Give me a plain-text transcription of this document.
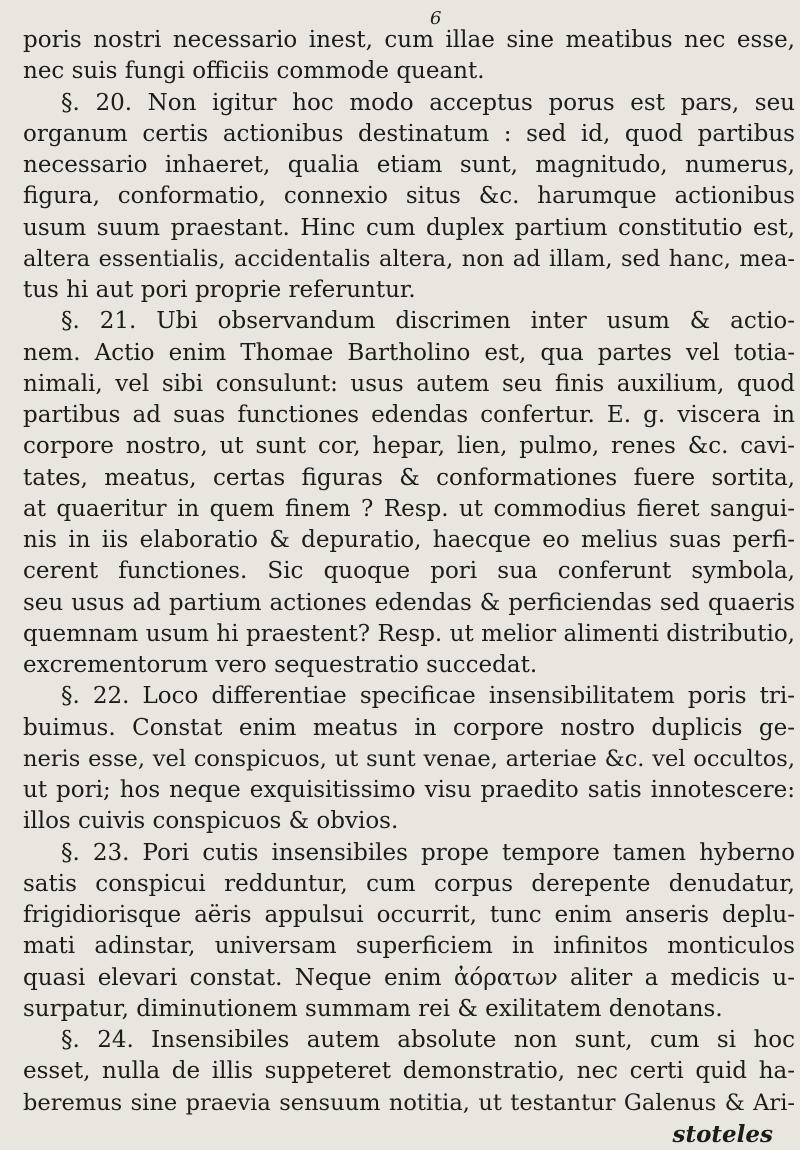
6
poris nostri necessario inest, cum illae sine meatibus nec esse,
nec suis fungi officiis commode queant.
§. 20. Non igitur hoc modo acceptus porus est pars, seu
organum certis actionibus destinatum : sed id, quod partibus
necessario inhaeret, qualia etiam sunt, magnitudo, numerus,
figura, conformatio, connexio situs &c. harumque actionibus
usum suum praestant. Hinc cum duplex partium constitutio est,
altera essentialis, accidentalis altera, non ad illam, sed hanc, mea-
tus hi aut pori proprie referuntur.
§. 21. Ubi observandum discrimen inter usum & actio-
nem. Actio enim Thomae Bartholino est, qua partes vel totia-
nimali, vel sibi consulunt: usus autem seu finis auxilium, quod
partibus ad suas functiones edendas confertur. E. g. viscera in
corpore nostro, ut sunt cor, hepar, lien, pulmo, renes &c. cavi-
tates, meatus, certas figuras & conformationes fuere sortita,
at quaeritur in quem finem ? Resp. ut commodius fieret sangui-
nis in iis elaboratio & depuratio, haecque eo melius suas perfi-
cerent functiones. Sic quoque pori sua conferunt symbola,
seu usus ad partium actiones edendas & perficiendas sed quaeris
quemnam usum hi praestent? Resp. ut melior alimenti distributio,
excrementorum vero sequestratio succedat.
§. 22. Loco differentiae specificae insensibilitatem poris tri-
buimus. Constat enim meatus in corpore nostro duplicis ge-
neris esse, vel conspicuos, ut sunt venae, arteriae &c. vel occultos,
ut pori; hos neque exquisitissimo visu praedito satis innotescere:
illos cuivis conspicuos & obvios.
§. 23. Pori cutis insensibiles prope tempore tamen hyberno
satis conspicui redduntur, cum corpus derepente denudatur,
frigidiorisque aëris appulsui occurrit, tunc enim anseris deplu-
mati adinstar, universam superficiem in infinitos monticulos
quasi elevari constat. Neque enim ἀόρατων aliter a medicis u-
surpatur, diminutionem summam rei & exilitatem denotans.
§. 24. Insensibiles autem absolute non sunt, cum si hoc
esset, nulla de illis suppeteret demonstratio, nec certi quid ha-
beremus sine praevia sensuum notitia, ut testantur Galenus & Ari-
stoteles
